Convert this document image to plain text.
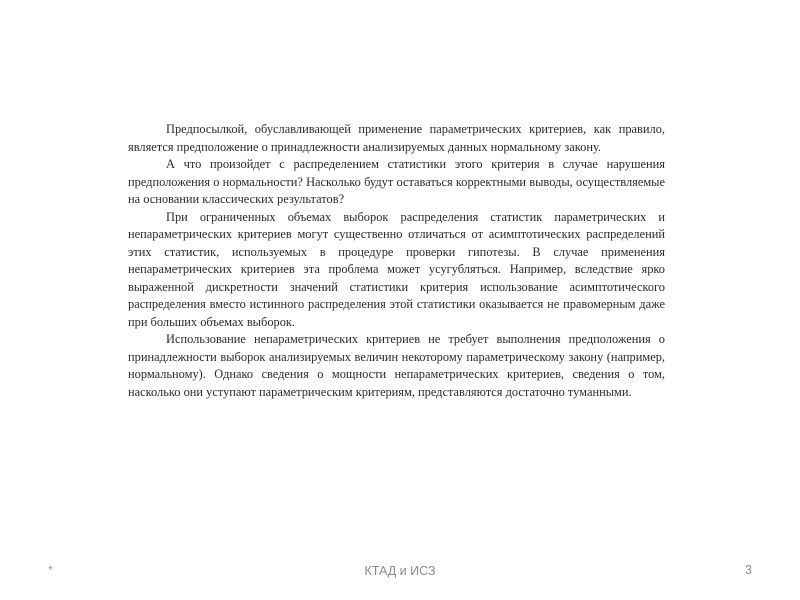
Предпосылкой, обуславливающей применение параметрических критериев, как правило, является предположение о принадлежности анализируемых данных нормальному закону.

А что произойдет с распределением статистики этого критерия в случае нарушения предположения о нормальности? Насколько будут оставаться корректными выводы, осуществляемые на основании классических результатов?

При ограниченных объемах выборок распределения статистик параметрических и непараметрических критериев могут существенно отличаться от асимптотических распределений этих статистик, используемых в процедуре проверки гипотезы. В случае применения непараметрических критериев эта проблема может усугубляться. Например, вследствие ярко выраженной дискретности значений статистики критерия использование асимптотического распределения вместо истинного распределения этой статистики оказывается не правомерным даже при больших объемах выборок.

Использование непараметрических критериев не требует выполнения предположения о принадлежности выборок анализируемых величин некоторому параметрическому закону (например, нормальному). Однако сведения о мощности непараметрических критериев, сведения о том, насколько они уступают параметрическим критериям, представляются достаточно туманными.

*	КТАД и ИСЗ	3
